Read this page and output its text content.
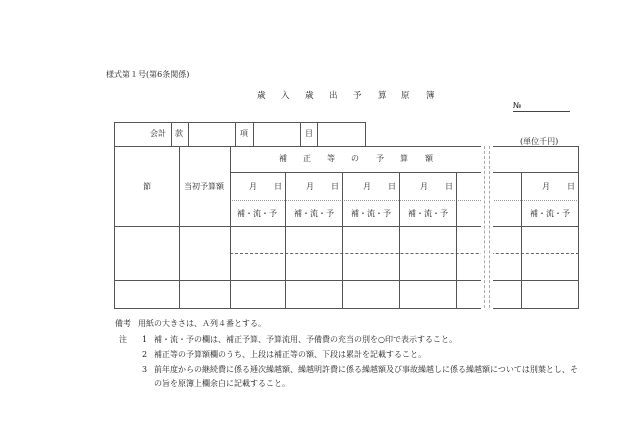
様式第１号(第6条関係)
歳 入 歳 出 予 算 原 簿
№
会計 款	項	目
(単位千円)
節	当初予算額
補 正 等 の 予 算 額
月 日	月 日	月 日	月 日	月 日
補・流・予 補・流・予 補・流・予 補・流・予	補・流・予
備考 用紙の大きさは、Ａ列４番とする。
注 1 補・流・予の欄は、補正予算、予算流用、予備費の充当の別を○印で表示すること。
2 補正等の予算額欄のうち、上段は補正等の額、下段は累計を記載すること。
3 前年度からの継続費に係る逓次繰越額、繰越明許費に係る繰越額及び事故繰越しに係る繰越額については別葉とし、そ
の旨を原簿上欄余白に記載すること。
